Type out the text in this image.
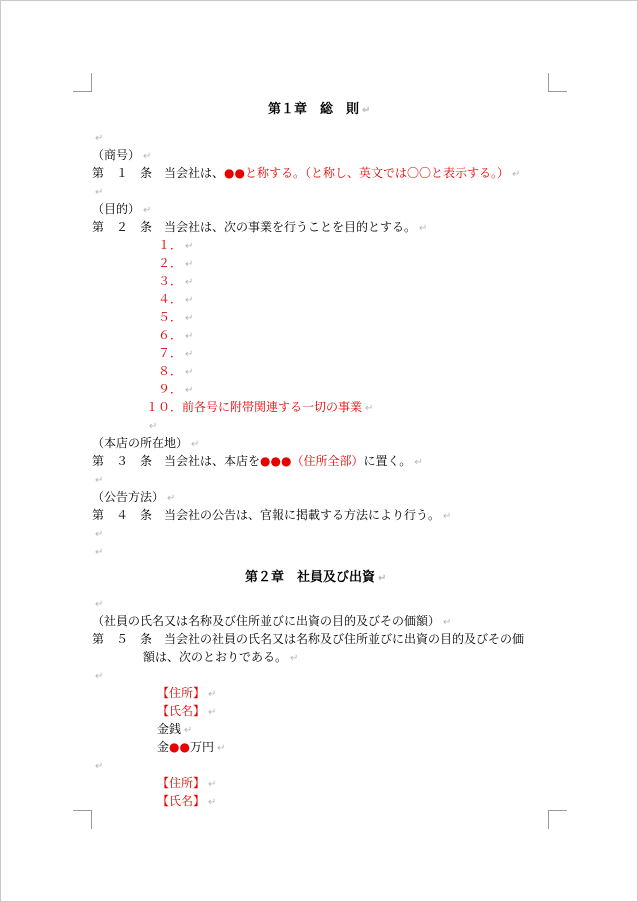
第１章　総　則 ↵
↵
（商号） ↵
第　１　条　当会社は、●●と称する。（と称し、英文では〇〇と表示する。） ↵
↵
（目的） ↵
第　２　条　当会社は、次の事業を行うことを目的とする。 ↵
１． ↵
２． ↵
３． ↵
４． ↵
５． ↵
６． ↵
７． ↵
８． ↵
９． ↵
１０．前各号に附帯関連する一切の事業 ↵
↵
（本店の所在地） ↵
第　３　条　当会社は、本店を●●●（住所全部）に置く。 ↵
↵
（公告方法） ↵
第　４　条　当会社の公告は、官報に掲載する方法により行う。 ↵
↵
↵
第２章　社員及び出資 ↵
↵
（社員の氏名又は名称及び住所並びに出資の目的及びその価額） ↵
第　５　条　当会社の社員の氏名又は名称及び住所並びに出資の目的及びその価
額は、次のとおりである。 ↵
↵
【住所】 ↵
【氏名】 ↵
金銭 ↵
金●●万円 ↵
↵
【住所】 ↵
【氏名】 ↵
